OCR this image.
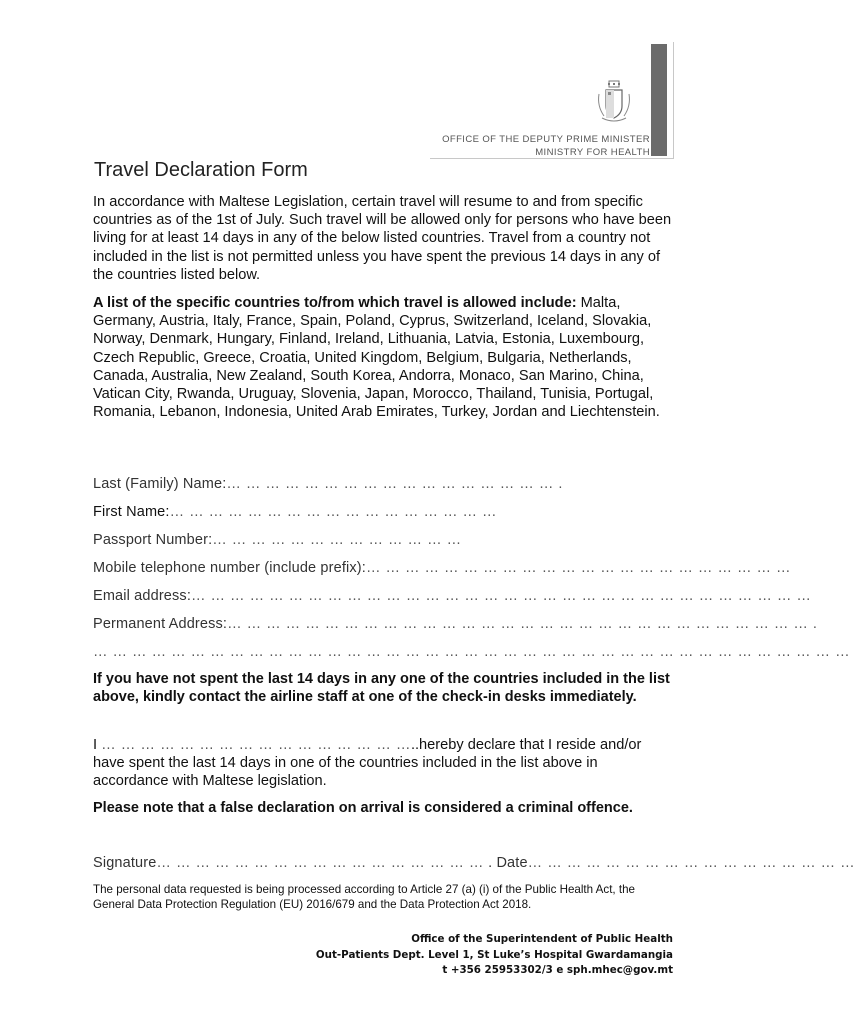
OFFICE OF THE DEPUTY PRIME MINISTER
MINISTRY FOR HEALTH
Travel Declaration Form
In accordance with Maltese Legislation, certain travel will resume to and from specific countries as of the 1st of July. Such travel will be allowed only for persons who have been living for at least 14 days in any of the below listed countries. Travel from a country not included in the list is not permitted unless you have spent the previous 14 days in any of the countries listed below.
A list of the specific countries to/from which travel is allowed include: Malta, Germany, Austria, Italy, France, Spain, Poland, Cyprus, Switzerland, Iceland, Slovakia, Norway, Denmark, Hungary, Finland, Ireland, Lithuania, Latvia, Estonia, Luxembourg, Czech Republic, Greece, Croatia, United Kingdom, Belgium, Bulgaria, Netherlands, Canada, Australia, New Zealand, South Korea, Andorra, Monaco, San Marino, China, Vatican City, Rwanda, Uruguay, Slovenia, Japan, Morocco, Thailand, Tunisia, Portugal, Romania, Lebanon, Indonesia, United Arab Emirates, Turkey, Jordan and Liechtenstein.
Last (Family) Name:… … … … … … … … … … … … … … … … … .
First Name:… … … … … … … … … … … … … … … … …
Passport Number:… … … … … … … … … … … … …
Mobile telephone number (include prefix):… … … … … … … … … … … … … … … … … … … … … …
Email address:… … … … … … … … … … … … … … … … … … … … … … … … … … … … … … … …
Permanent Address:… … … … … … … … … … … … … … … … … … … … … … … … … … … … … … .
… … … … … … … … … … … … … … … … … … … … … … … … … … … … … … … … … … … … … … …
If you have not spent the last 14 days in any one of the countries included in the list above, kindly contact the airline staff at one of the check-in desks immediately.
I … … … … … … … … … … … … … … … …..hereby declare that I reside and/or have spent the last 14 days in one of the countries included in the list above in accordance with Maltese legislation.
Please note that a false declaration on arrival is considered a criminal offence.
Signature… … … … … … … … … … … … … … … … … . Date… … … … … … … … … … … … … … … … …
The personal data requested is being processed according to Article 27 (a) (i) of the Public Health Act, the General Data Protection Regulation (EU) 2016/679 and the Data Protection Act 2018.
Office of the Superintendent of Public Health
Out-Patients Dept. Level 1, St Luke’s Hospital Gwardamangia
t +356 25953302/3 e sph.mhec@gov.mt
